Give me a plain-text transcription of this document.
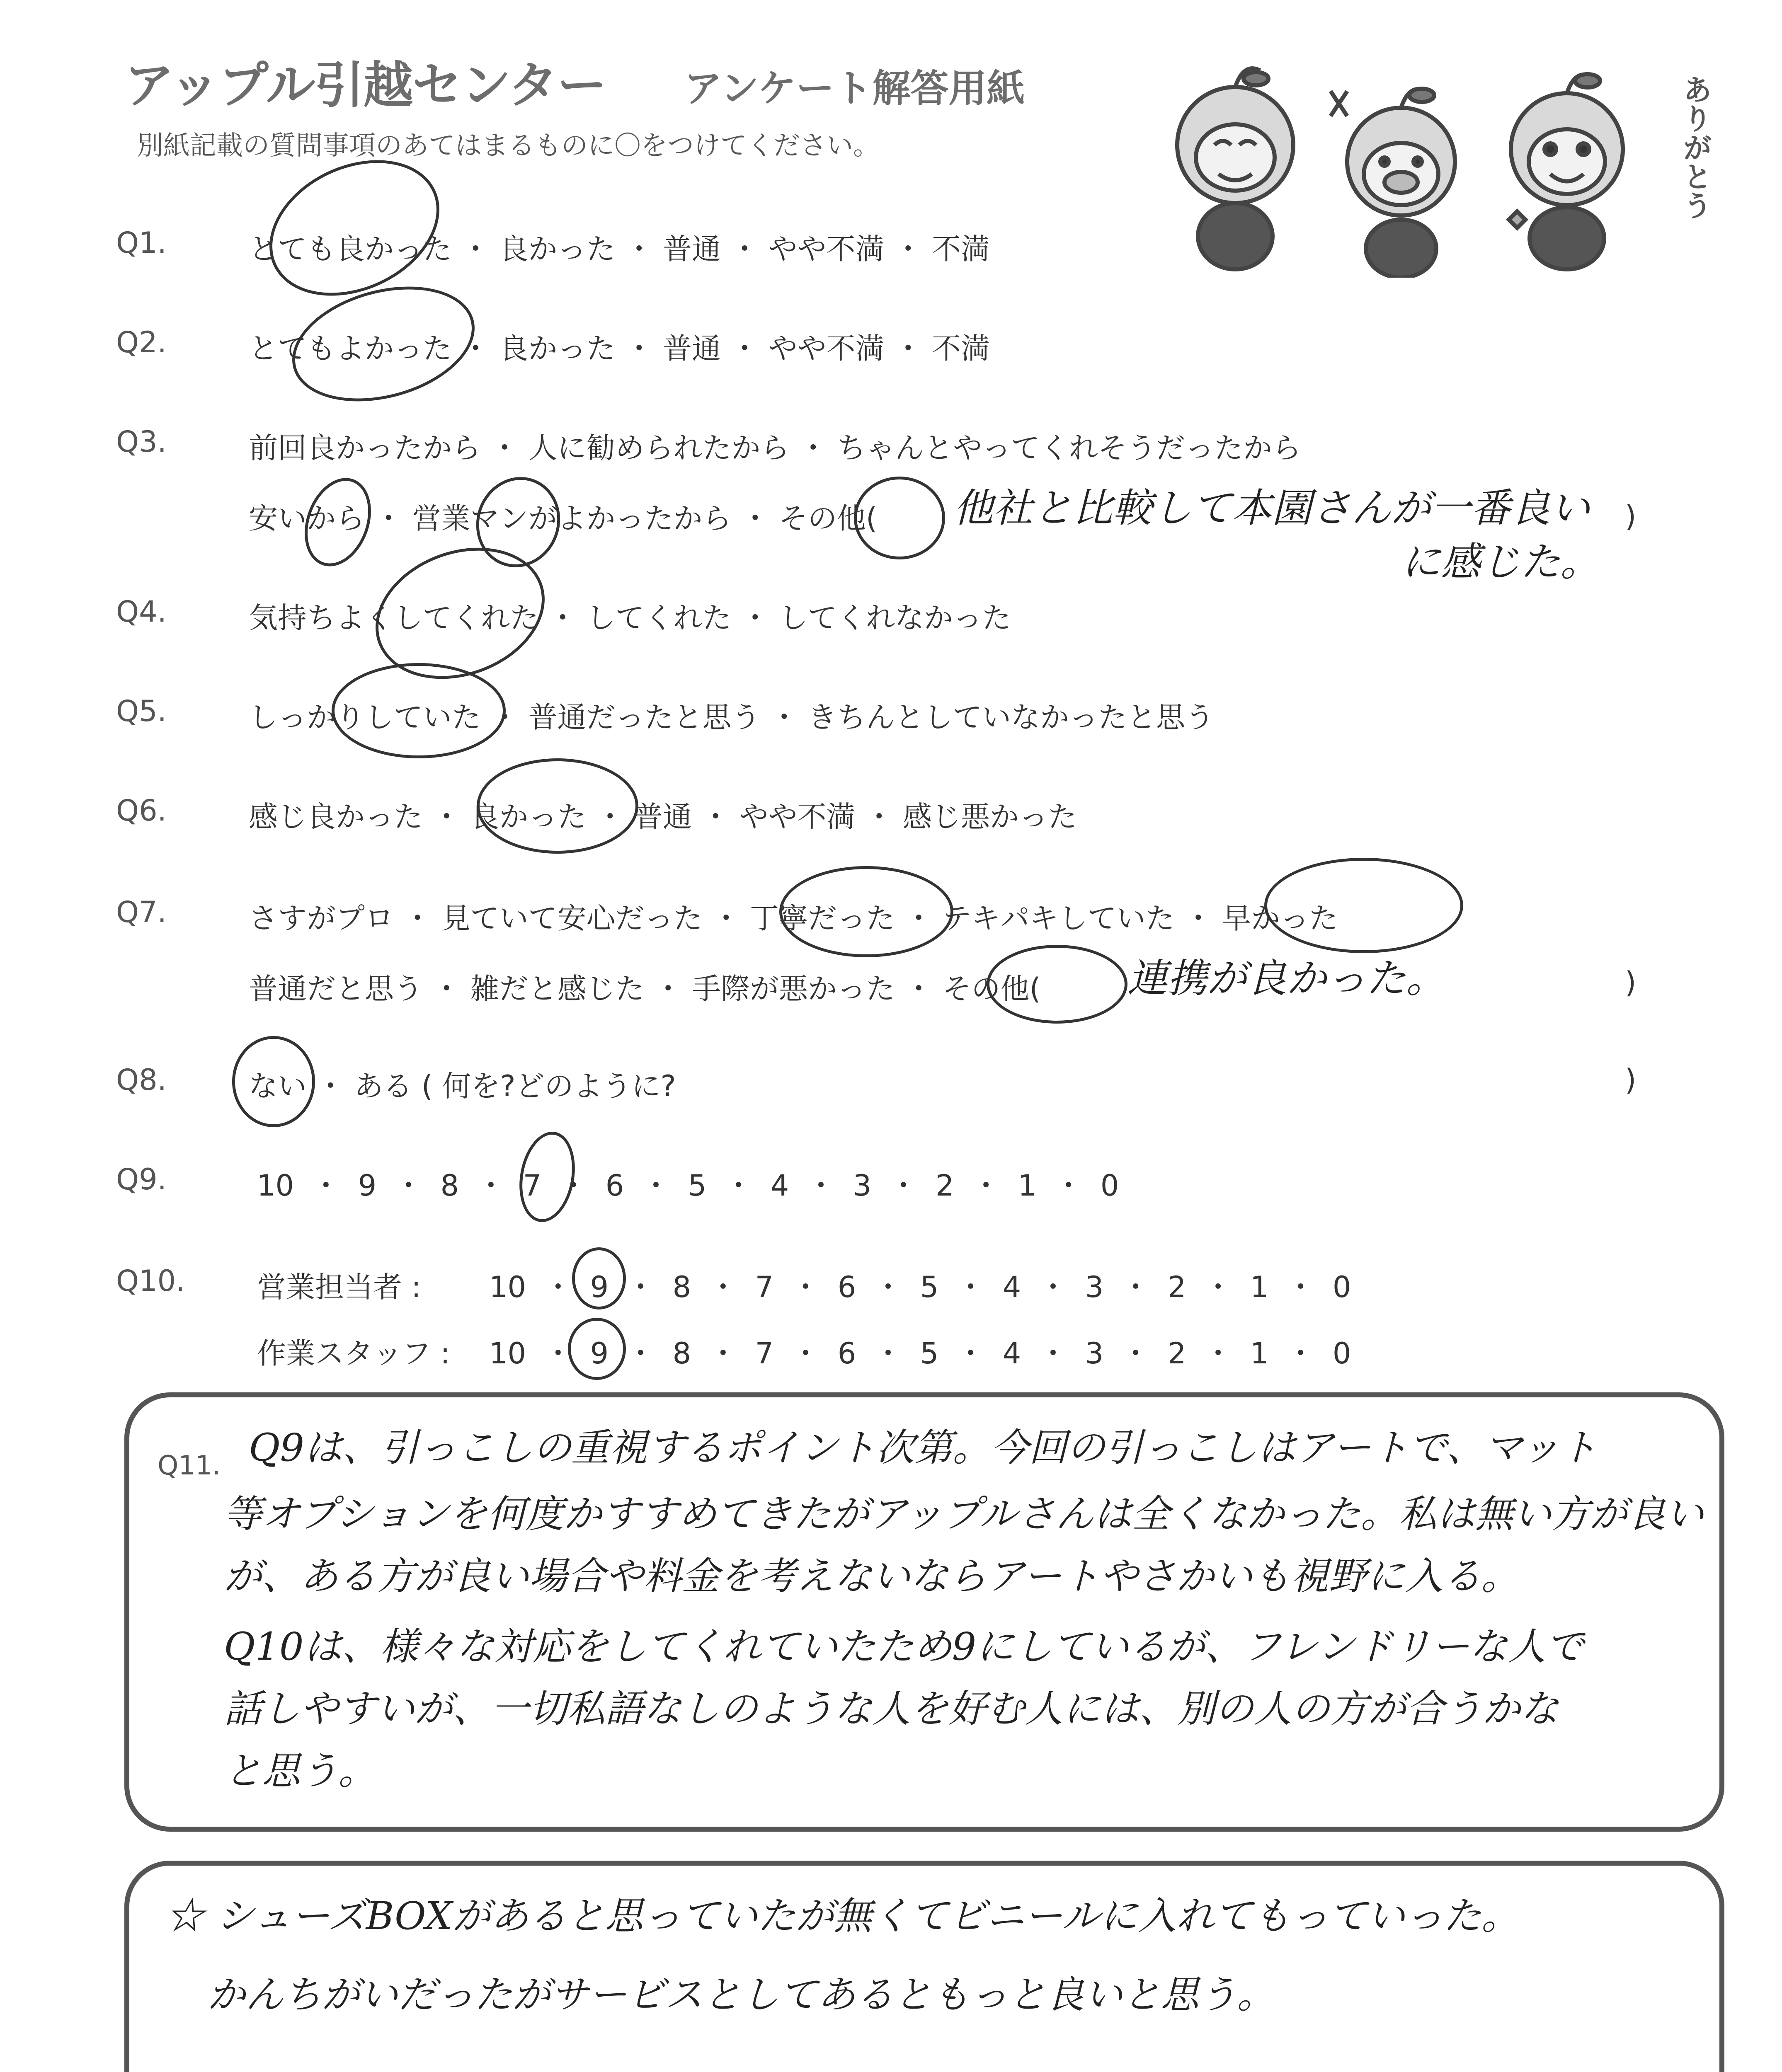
アップル引越センター アンケート解答用紙
別紙記載の質問事項のあてはまるものに〇をつけてください。	ありがとう
Q1.	とても良かった ・ 良かった ・ 普通 ・ やや不満 ・ 不満
Q2.	とてもよかった ・ 良かった ・ 普通 ・ やや不満 ・ 不満
Q3.	前回良かったから ・ 人に勧められたから ・ ちゃんとやってくれそうだったから
安いから ・ 営業マンがよかったから ・ その他( 他社と比較して本園さんが一番良い )
に感じた。
Q4.	気持ちよくしてくれた ・ してくれた ・ してくれなかった
Q5.	しっかりしていた ・ 普通だったと思う ・ きちんとしていなかったと思う
Q6.	感じ良かった ・ 良かった ・ 普通 ・ やや不満 ・ 感じ悪かった
Q7.	さすがプロ ・ 見ていて安心だった ・ 丁寧だった ・ テキパキしていた ・ 早かった
普通だと思う ・ 雑だと感じた ・ 手際が悪かった ・ その他( 連携が良かった。	)
Q8.	ない ・ ある ( 何を?どのように?	)
Q9.	10 ・ 9 ・ 8 ・ 7 ・ 6 ・ 5 ・ 4 ・ 3 ・ 2 ・ 1 ・ 0
Q10. 営業担当者 : 10 ・ 9 ・ 8 ・ 7 ・ 6 ・ 5 ・ 4 ・ 3 ・ 2 ・ 1 ・ 0
作業スタッフ : 10 ・ 9 ・ 8 ・ 7 ・ 6 ・ 5 ・ 4 ・ 3 ・ 2 ・ 1 ・ 0
Q11. Q9は、引っこしの重視するポイント次第。今回の引っこしはアートで、マット
等オプションを何度かすすめてきたがアップルさんは全くなかった。私は無い方が良い
が、ある方が良い場合や料金を考えないならアートやさかいも視野に入る。
Q10は、様々な対応をしてくれていたため9にしているが、フレンドリーな人で
話しやすいが、一切私語なしのような人を好む人には、別の人の方が合うかな
と思う。
☆ シューズBOXがあると思っていたが無くてビニールに入れてもっていった。
かんちがいだったがサービスとしてあるともっと良いと思う。
